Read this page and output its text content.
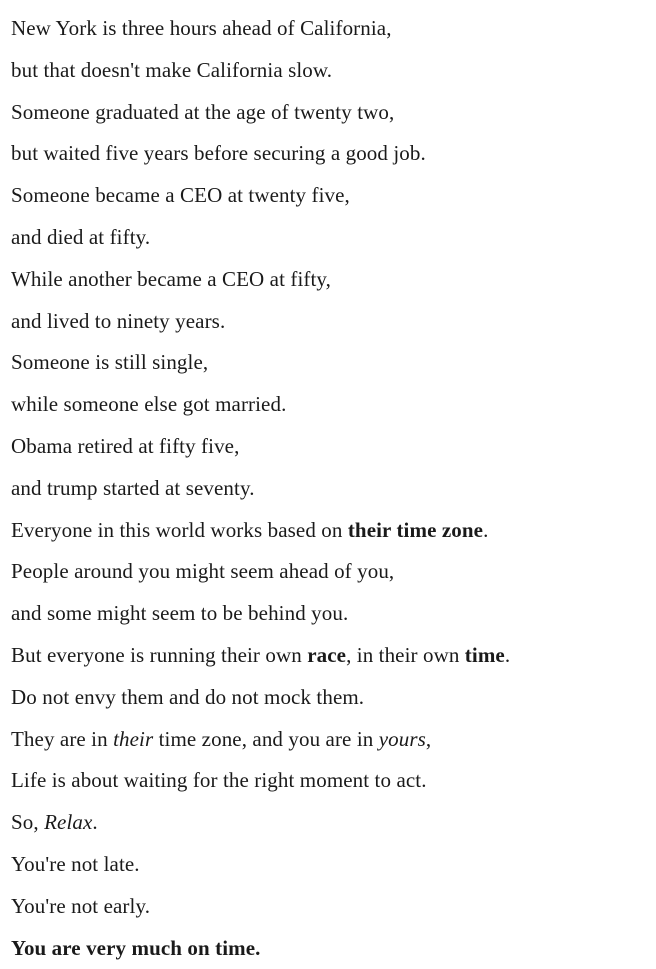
New York is three hours ahead of California,
but that doesn't make California slow.
Someone graduated at the age of twenty two,
but waited five years before securing a good job.
Someone became a CEO at twenty five,
and died at fifty.
While another became a CEO at fifty,
and lived to ninety years.
Someone is still single,
while someone else got married.
Obama retired at fifty five,
and trump started at seventy.
Everyone in this world works based on their time zone.
People around you might seem ahead of you,
and some might seem to be behind you.
But everyone is running their own race, in their own time.
Do not envy them and do not mock them.
They are in their time zone, and you are in yours,
Life is about waiting for the right moment to act.
So, Relax.
You're not late.
You're not early.
You are very much on time.
